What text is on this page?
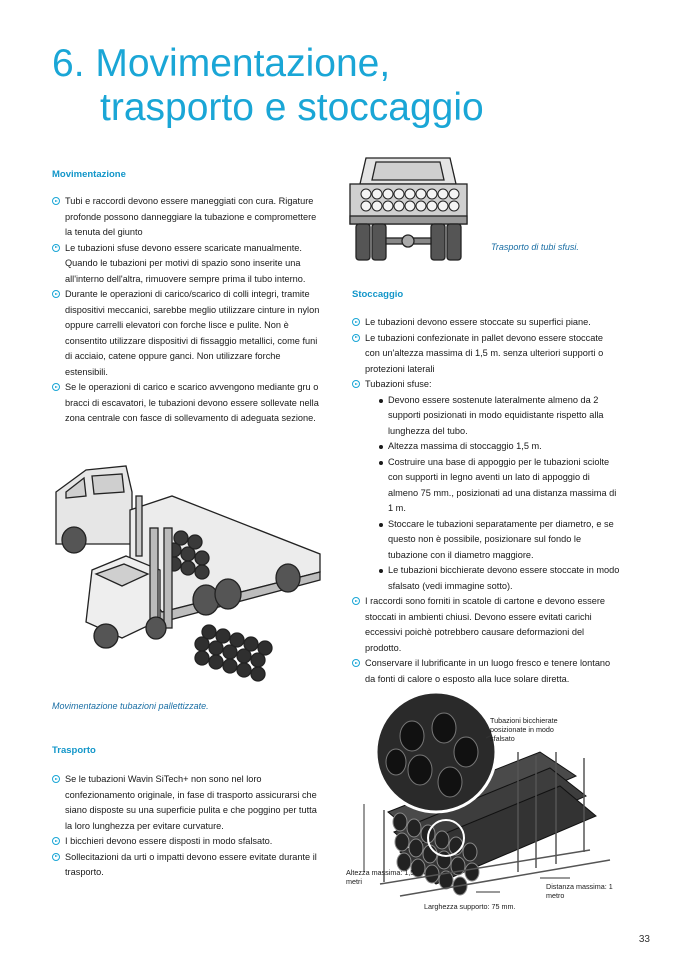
6. Movimentazione,
trasporto e stoccaggio
Movimentazione
Tubi e raccordi devono essere maneggiati con cura. Rigature profonde possono danneggiare la tubazione e compromettere la tenuta del giunto
Le tubazioni sfuse devono essere scaricate manualmente. Quando le tubazioni per motivi di spazio sono inserite una all'interno dell'altra, rimuovere sempre prima il tubo interno.
Durante le operazioni di carico/scarico di colli integri, tramite dispositivi meccanici, sarebbe meglio utilizzare cinture in nylon oppure carrelli elevatori con forche lisce e pulite. Non è consentito utilizzare dispositivi di fissaggio metallici, come funi di acciaio, catene oppure ganci. Non utilizzare forche estensibili.
Se le operazioni di carico e scarico avvengono mediante gru o bracci di escavatori, le tubazioni devono essere sollevate nella zona centrale con fasce di sollevamento di adeguata sezione.

Movimentazione tubazioni pallettizzate.

Trasporto
Se le tubazioni Wavin SiTech+ non sono nel loro confezionamento originale, in fase di trasporto assicurarsi che siano disposte su una superficie pulita e che poggino per tutta la loro lunghezza per evitare curvature.
I bicchieri devono essere disposti in modo sfalsato.
Sollecitazioni da urti o impatti devono essere evitate durante il trasporto.

Trasporto di tubi sfusi.

Stoccaggio
Le tubazioni devono essere stoccate su superfici piane.
Le tubazioni confezionate in pallet devono essere stoccate con un'altezza massima di 1,5 m. senza ulteriori supporti o protezioni laterali
Tubazioni sfuse:
Devono essere sostenute lateralmente almeno da 2 supporti posizionati in modo equidistante rispetto alla lunghezza del tubo.
Altezza massima di stoccaggio 1,5 m.
Costruire una base di appoggio per le tubazioni sciolte con supporti in legno aventi un lato di appoggio di almeno 75 mm., posizionati ad una distanza massima di 1 m.
Stoccare le tubazioni separatamente per diametro, e se questo non è possibile, posizionare sul fondo le tubazione con il diametro maggiore.
Le tubazioni bicchierate devono essere stoccate in modo sfalsato (vedi immagine sotto).
I raccordi sono forniti in scatole di cartone e devono essere stoccati in ambienti chiusi. Devono essere evitati carichi eccessivi poichè potrebbero causare deformazioni del prodotto.
Conservare il lubrificante in un luogo fresco e tenere lontano da fonti di calore o esposto alla luce solare diretta.
Tubazioni bicchierate posizionate in modo sfalsato
Altezza massima: 1,5 metri
Distanza massima: 1 metro
Larghezza supporto: 75 mm.
33
